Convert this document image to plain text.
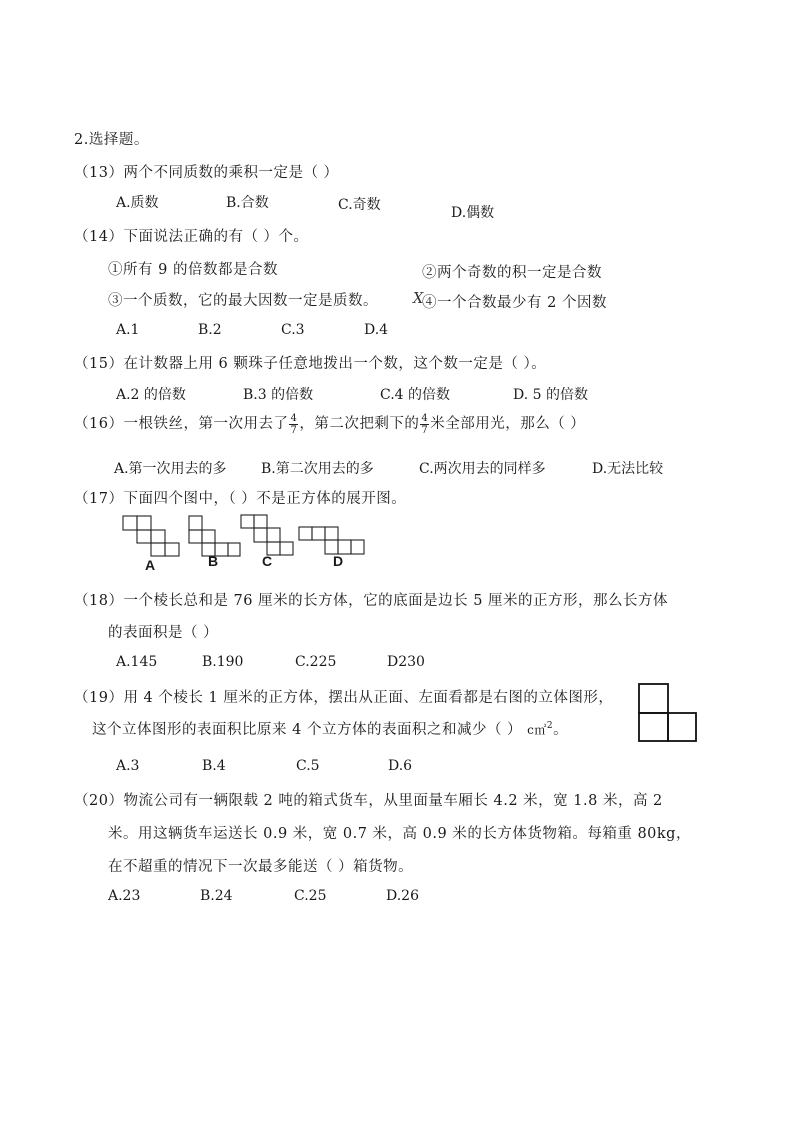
2.选择题。
（13）两个不同质数的乘积一定是（ ）
A.质数	B.合数	C.奇数	D.偶数
（14）下面说法正确的有（ ）个。
①所有 9 的倍数都是合数	②两个奇数的积一定是合数
③一个质数，它的最大因数一定是质数。 X
④一个合数最少有 2 个因数
A.1	B.2	C.3	D.4
（15）在计数器上用 6 颗珠子任意地拨出一个数，这个数一定是（ ）。
A.2 的倍数	B.3 的倍数	C.4 的倍数	D. 5 的倍数
（16）一根铁丝，第一次用去了 $\frac{4}{7}$ ，第二次把剩下的 $\frac{4}{7}$ 米全部用光，那么（ ）
A.第一次用去的多 B.第二次用去的多	C.两次用去的同样多	D.无法比较
（17）下面四个图中，（ ）不是正方体的展开图。
A	B	C	D
（18）一个棱长总和是 76 厘米的长方体，它的底面是边长 5 厘米的正方形，那么长方体
的表面积是（ ）
A.145	B.190	C.225	D230
（19）用 4 个棱长 1 厘米的正方体，摆出从正面、左面看都是右图的立体图形，
这个立体图形的表面积比原来 4 个立方体的表面积之和减少（ ） c㎡$^2$。
A.3	B.4	C.5	D.6
（20）物流公司有一辆限载 2 吨的箱式货车，从里面量车厢长 4.2 米，宽 1.8 米，高 2
米。用这辆货车运送长 0.9 米，宽 0.7 米，高 0.9 米的长方体货物箱。每箱重 80kg，
在不超重的情况下一次最多能送（ ）箱货物。
A.23	B.24	C.25	D.26
